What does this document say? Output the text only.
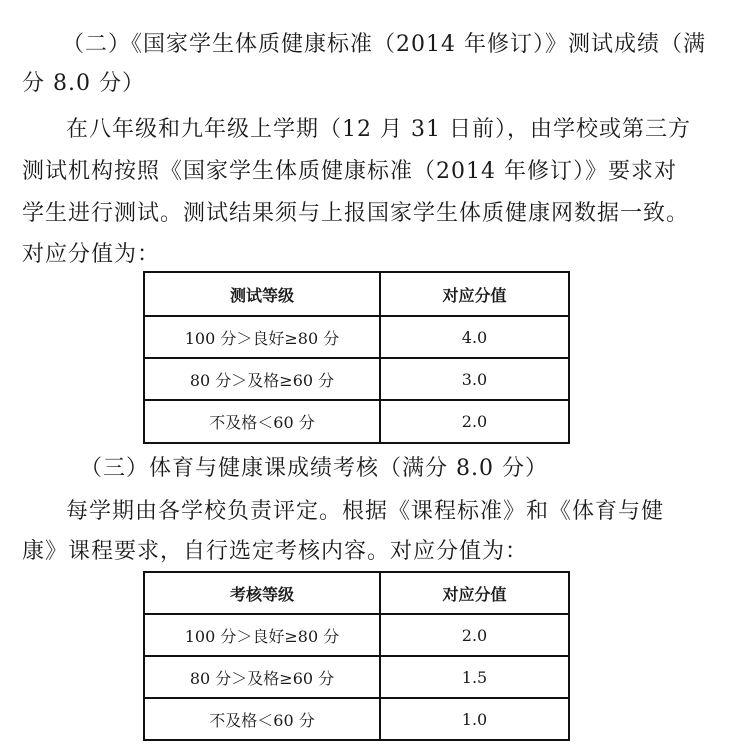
（二）《国家学生体质健康标准（2014 年修订）》测试成绩（满
分 8.0 分）
在八年级和九年级上学期（12 月 31 日前），由学校或第三方
测试机构按照《国家学生体质健康标准（2014 年修订）》要求对
学生进行测试。测试结果须与上报国家学生体质健康网数据一致。
对应分值为：
测试等级	对应分值
100 分＞良好≥80 分	4.0
80 分＞及格≥60 分	3.0
不及格＜60 分	2.0
（三）体育与健康课成绩考核（满分 8.0 分）
每学期由各学校负责评定。根据《课程标准》和《体育与健
康》课程要求，自行选定考核内容。对应分值为：
考核等级	对应分值
100 分＞良好≥80 分	2.0
80 分＞及格≥60 分	1.5
不及格＜60 分	1.0
